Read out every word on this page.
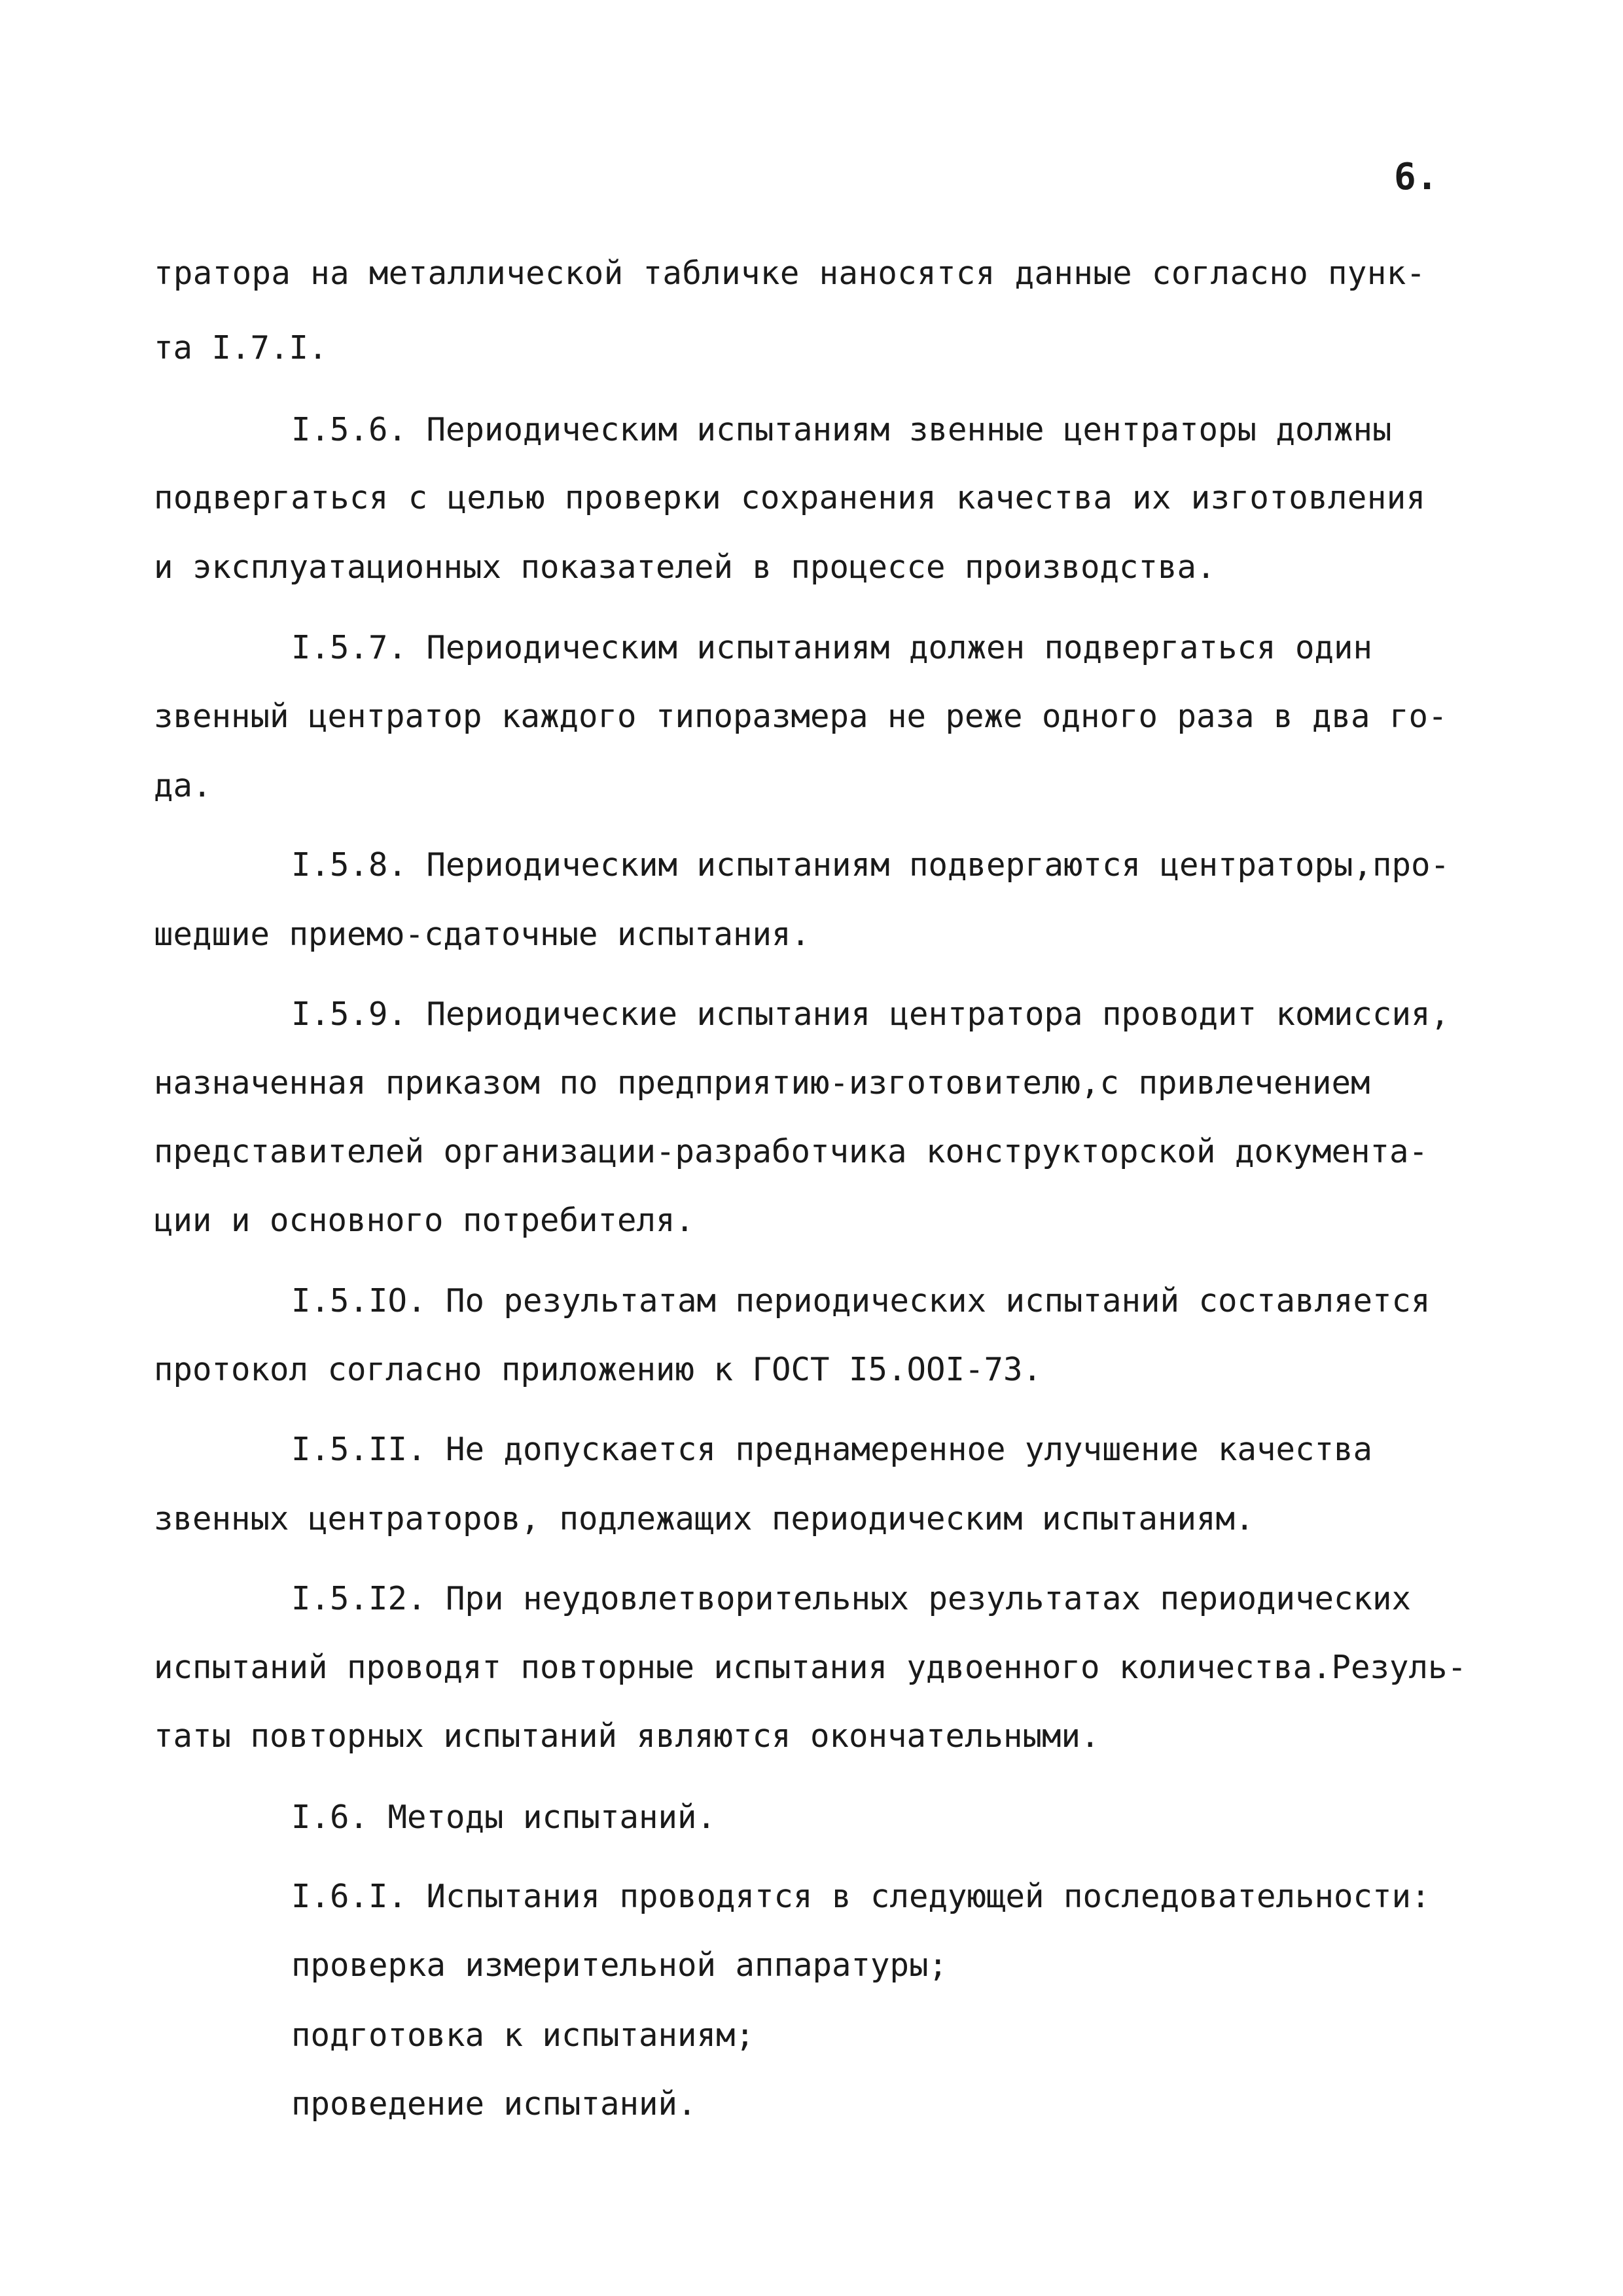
6.
тратора на металлической табличке наносятся данные согласно пунк-
та I.7.I.
I.5.6. Периодическим испытаниям звенные центраторы должны
подвергаться с целью проверки сохранения качества их изготовления
и эксплуатационных показателей в процессе производства.
I.5.7. Периодическим испытаниям должен подвергаться один
звенный центратор каждого типоразмера не реже одного раза в два го-
да.
I.5.8. Периодическим испытаниям подвергаются центраторы,про-
шедшие приемо-сдаточные испытания.
I.5.9. Периодические испытания центратора проводит комиссия,
назначенная приказом по предприятию-изготовителю,с привлечением
представителей организации-разработчика конструкторской документа-
ции и основного потребителя.
I.5.IO. По результатам периодических испытаний составляется
протокол согласно приложению к ГОСТ I5.OOI-73.
I.5.II. Не допускается преднамеренное улучшение качества
звенных центраторов, подлежащих периодическим испытаниям.
I.5.I2. При неудовлетворительных результатах периодических
испытаний проводят повторные испытания удвоенного количества.Резуль-
таты повторных испытаний являются окончательными.
I.6. Методы испытаний.
I.6.I. Испытания проводятся в следующей последовательности:
проверка измерительной аппаратуры;
подготовка к испытаниям;
проведение испытаний.
